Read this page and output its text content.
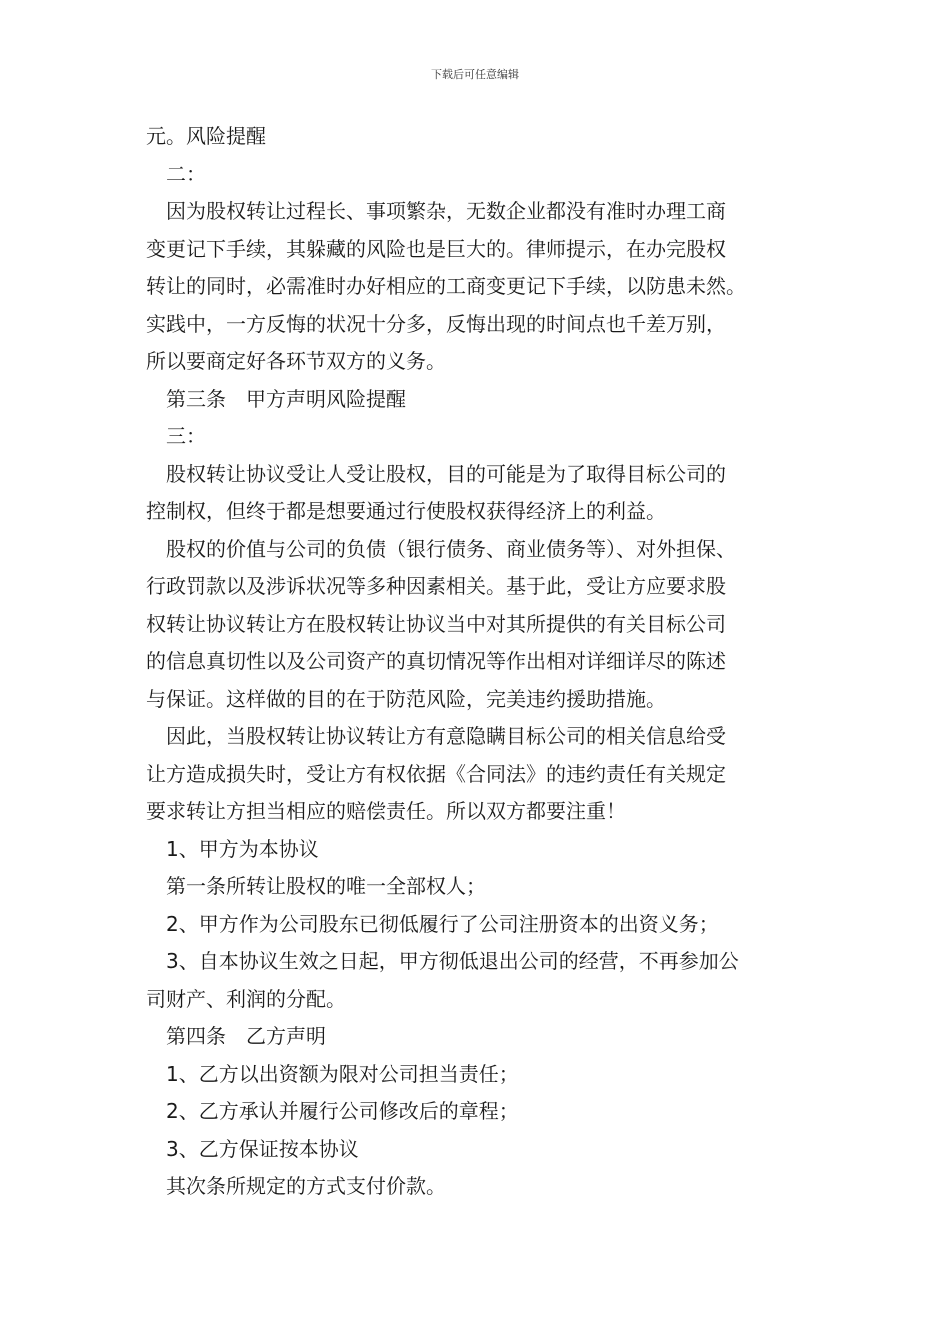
下载后可任意编辑
元。风险提醒
二：
因为股权转让过程长、事项繁杂，无数企业都没有准时办理工商
变更记下手续，其躲藏的风险也是巨大的。律师提示，在办完股权
转让的同时，必需准时办好相应的工商变更记下手续，以防患未然。
实践中，一方反悔的状况十分多，反悔出现的时间点也千差万别，
所以要商定好各环节双方的义务。
第三条　甲方声明风险提醒
三：
股权转让协议受让人受让股权，目的可能是为了取得目标公司的
控制权，但终于都是想要通过行使股权获得经济上的利益。
股权的价值与公司的负债（银行债务、商业债务等）、对外担保、
行政罚款以及涉诉状况等多种因素相关。基于此，受让方应要求股
权转让协议转让方在股权转让协议当中对其所提供的有关目标公司
的信息真切性以及公司资产的真切情况等作出相对详细详尽的陈述
与保证。这样做的目的在于防范风险，完美违约援助措施。
因此，当股权转让协议转让方有意隐瞒目标公司的相关信息给受
让方造成损失时，受让方有权依据《合同法》的违约责任有关规定
要求转让方担当相应的赔偿责任。所以双方都要注重！
1、甲方为本协议
第一条所转让股权的唯一全部权人；
2、甲方作为公司股东已彻低履行了公司注册资本的出资义务；
3、自本协议生效之日起，甲方彻低退出公司的经营，不再参加公
司财产、利润的分配。
第四条　乙方声明
1、乙方以出资额为限对公司担当责任；
2、乙方承认并履行公司修改后的章程；
3、乙方保证按本协议
其次条所规定的方式支付价款。
